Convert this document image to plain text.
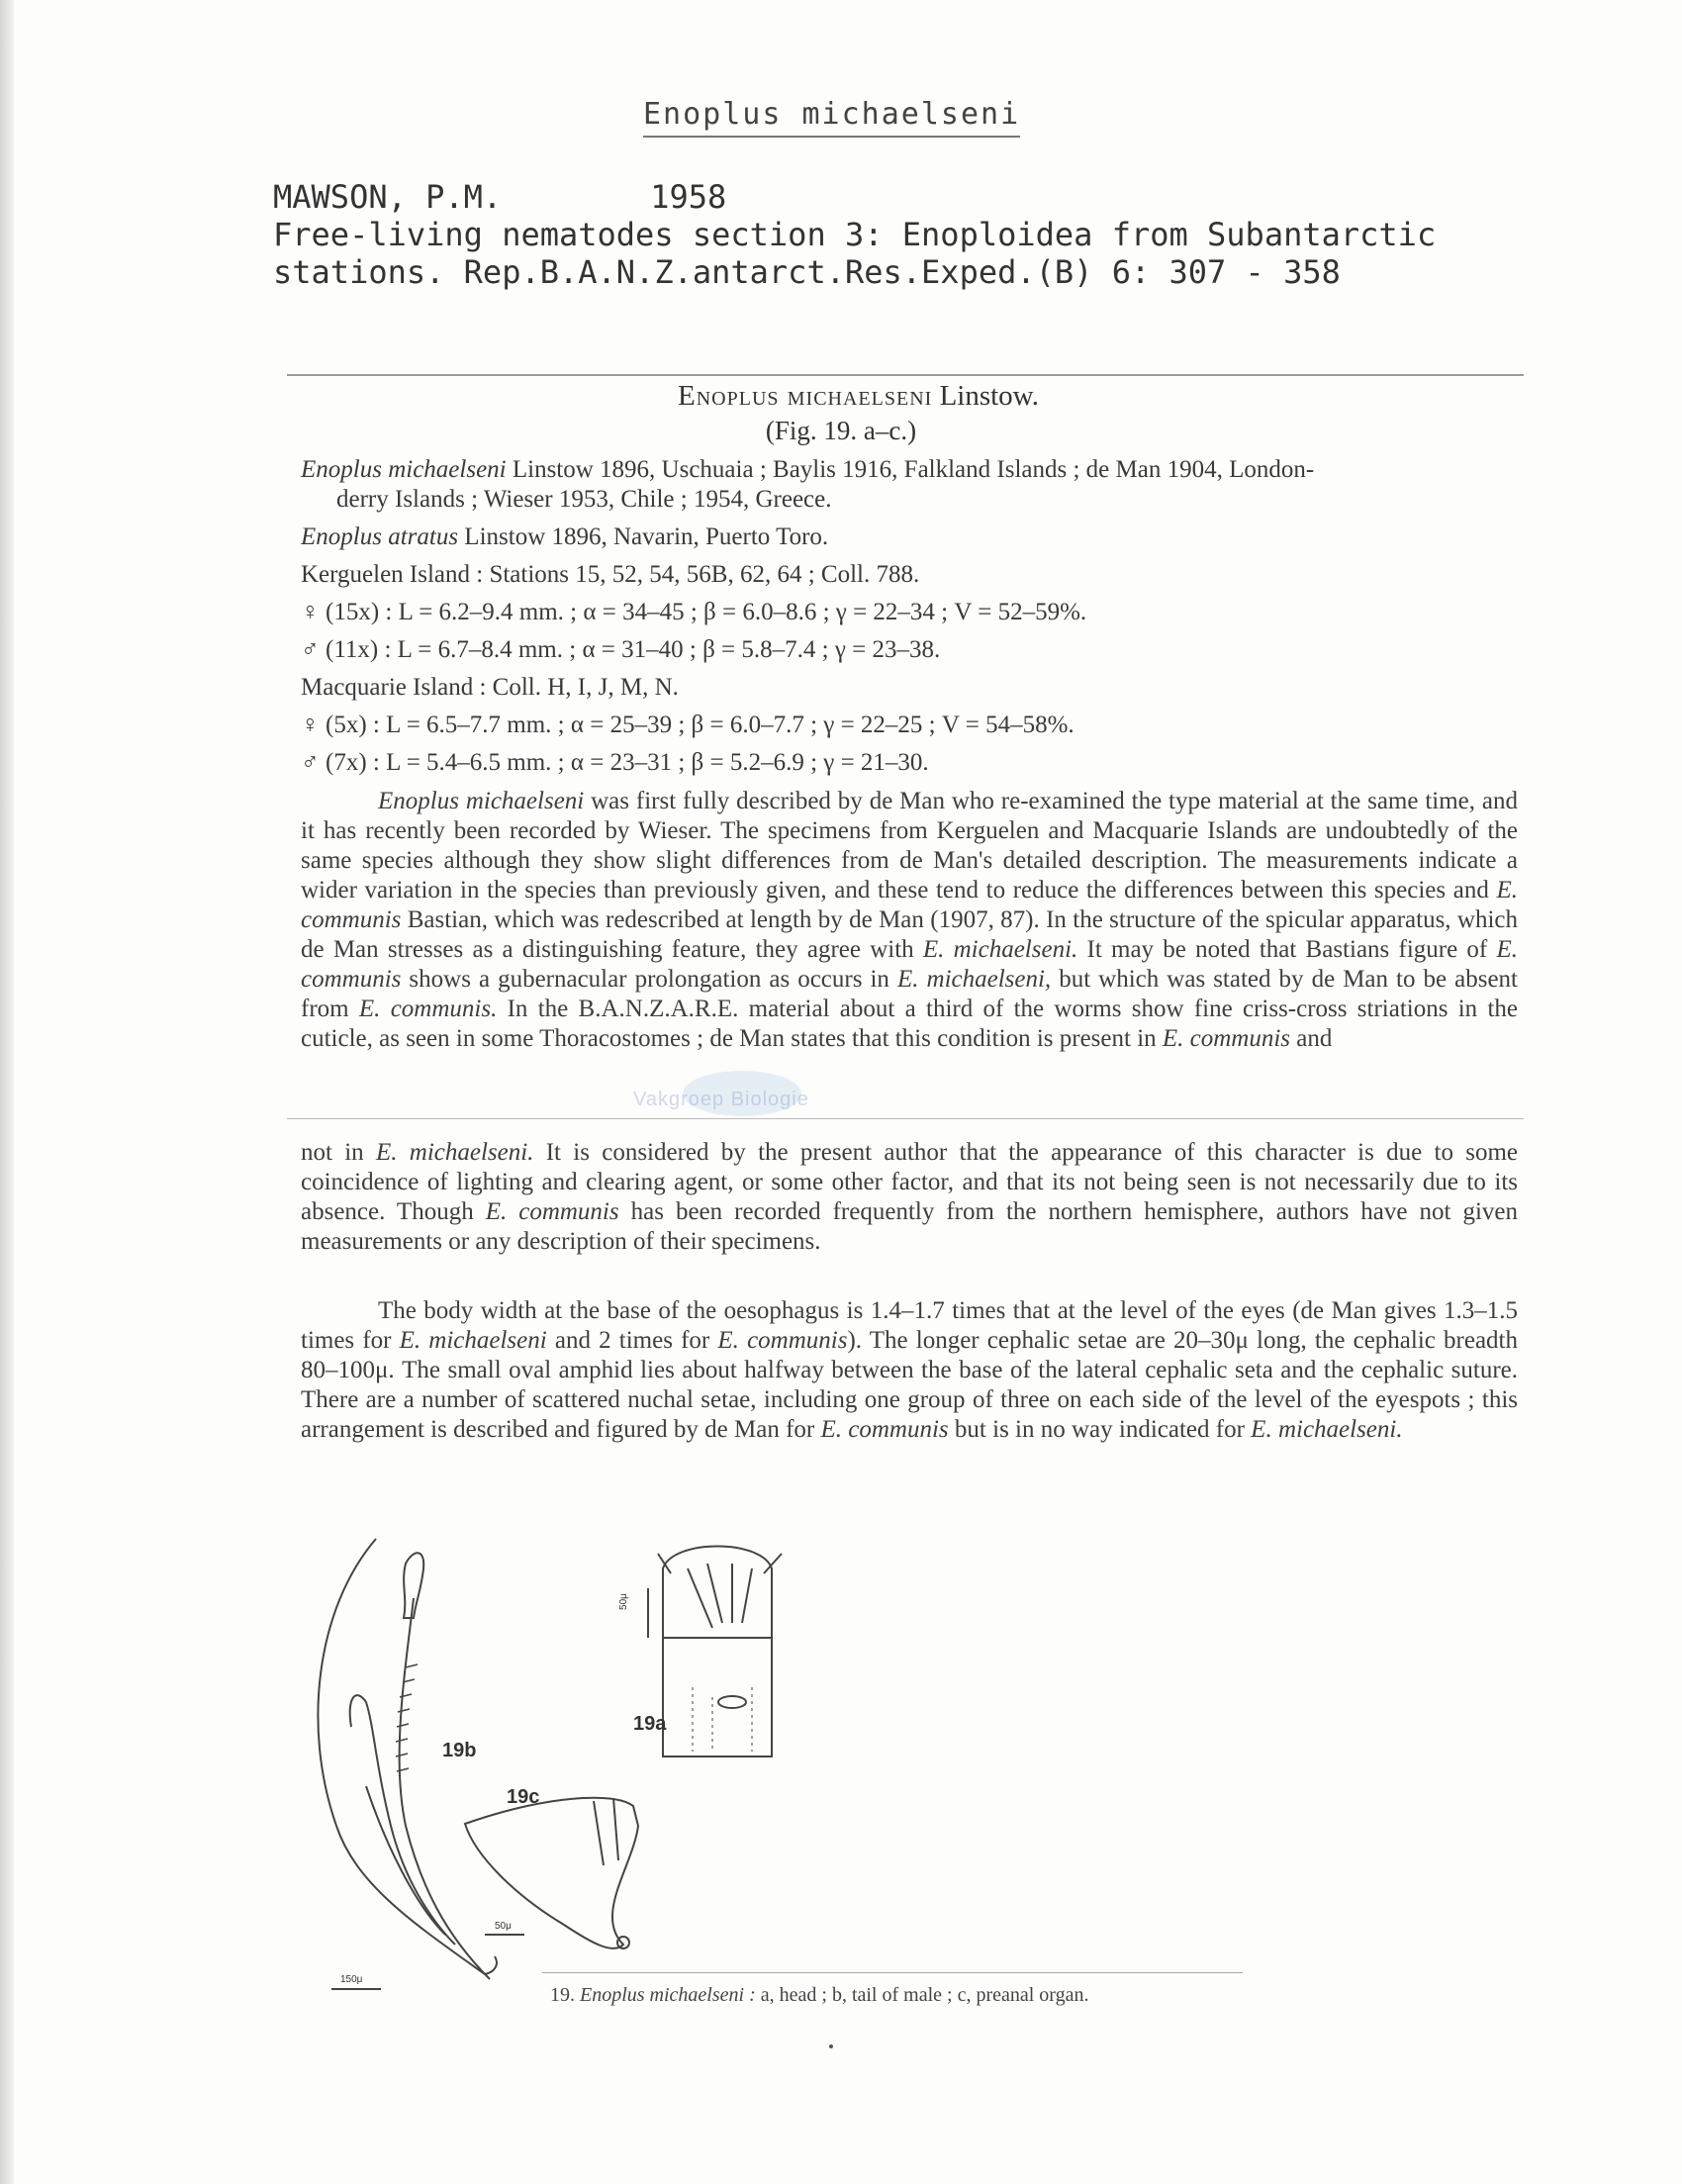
Enoplus michaelseni
MAWSON, P.M.	1958
Free-living nematodes section 3: Enoploidea from Subantarctic
stations. Rep.B.A.N.Z.antarct.Res.Exped.(B) 6: 307 - 358
Enoplus michaelseni Linstow.
(Fig. 19. a–c.)

Enoplus michaelseni Linstow 1896, Uschuaia ; Baylis 1916, Falkland Islands ; de Man 1904, London-
derry Islands ; Wieser 1953, Chile ; 1954, Greece.

Enoplus atratus Linstow 1896, Navarin, Puerto Toro.

Kerguelen Island : Stations 15, 52, 54, 56B, 62, 64 ; Coll. 788.

♀ (15x) : L = 6.2–9.4 mm. ; α = 34–45 ; β = 6.0–8.6 ; γ = 22–34 ; V = 52–59%.

♂ (11x) : L = 6.7–8.4 mm. ; α = 31–40 ; β = 5.8–7.4 ; γ = 23–38.

Macquarie Island : Coll. H, I, J, M, N.

♀ (5x) : L = 6.5–7.7 mm. ; α = 25–39 ; β = 6.0–7.7 ; γ = 22–25 ; V = 54–58%.

♂ (7x) : L = 5.4–6.5 mm. ; α = 23–31 ; β = 5.2–6.9 ; γ = 21–30.

Enoplus michaelseni was first fully described by de Man who re-examined the type material at the same time, and it has recently been recorded by Wieser. The specimens from Kerguelen and Macquarie Islands are undoubtedly of the same species although they show slight differences from de Man's detailed description. The measurements indicate a wider variation in the species than previously given, and these tend to reduce the differences between this species and E. communis Bastian, which was redescribed at length by de Man (1907, 87). In the structure of the spicular apparatus, which de Man stresses as a distinguishing feature, they agree with E. michaelseni. It may be noted that Bastians figure of E. communis shows a gubernacular prolongation as occurs in E. michaelseni, but which was stated by de Man to be absent from E. communis. In the B.A.N.Z.A.R.E. material about a third of the worms show fine criss-cross striations in the cuticle, as seen in some Thoracostomes ; de Man states that this condition is present in E. communis and

Vakgroep Biologie

not in E. michaelseni. It is considered by the present author that the appearance of this character is due to some coincidence of lighting and clearing agent, or some other factor, and that its not being seen is not necessarily due to its absence. Though E. communis has been recorded frequently from the northern hemisphere, authors have not given measurements or any description of their specimens.

The body width at the base of the oesophagus is 1.4–1.7 times that at the level of the eyes (de Man gives 1.3–1.5 times for E. michaelseni and 2 times for E. communis). The longer cephalic setae are 20–30μ long, the cephalic breadth 80–100μ. The small oval amphid lies about halfway between the base of the lateral cephalic seta and the cephalic suture. There are a number of scattered nuchal setae, including one group of three on each side of the level of the eyespots ; this arrangement is described and figured by de Man for E. communis but is in no way indicated for E. michaelseni.

19a
19b
19c
50μ
150μ
50μ
19. Enoplus michaelseni : a, head ; b, tail of male ; c, preanal organ.
